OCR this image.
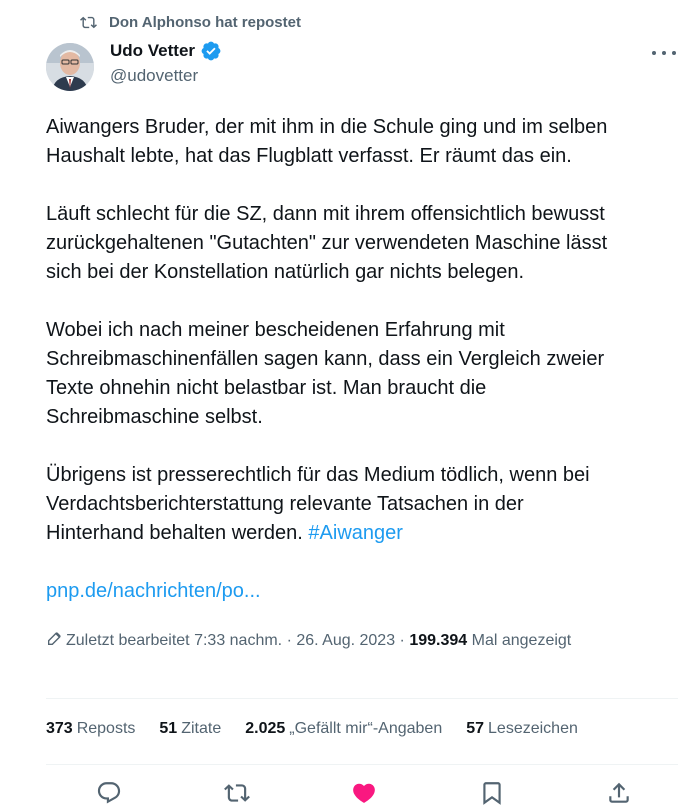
Don Alphonso hat repostet
Udo Vetter
@udovetter

Aiwangers Bruder, der mit ihm in die Schule ging und im selben
Haushalt lebte, hat das Flugblatt verfasst. Er räumt das ein.

Läuft schlecht für die SZ, dann mit ihrem offensichtlich bewusst
zurückgehaltenen "Gutachten" zur verwendeten Maschine lässt
sich bei der Konstellation natürlich gar nichts belegen.

Wobei ich nach meiner bescheidenen Erfahrung mit
Schreibmaschinenfällen sagen kann, dass ein Vergleich zweier
Texte ohnehin nicht belastbar ist. Man braucht die
Schreibmaschine selbst.

Übrigens ist presserechtlich für das Medium tödlich, wenn bei
Verdachtsberichterstattung relevante Tatsachen in der
Hinterhand behalten werden. #Aiwanger

pnp.de/nachrichten/po...
Zuletzt bearbeitet 7:33 nachm. · 26. Aug. 2023 · 199.394 Mal angezeigt
373 Reposts 51 Zitate 2.025 „Gefällt mir“-Angaben 57 Lesezeichen
